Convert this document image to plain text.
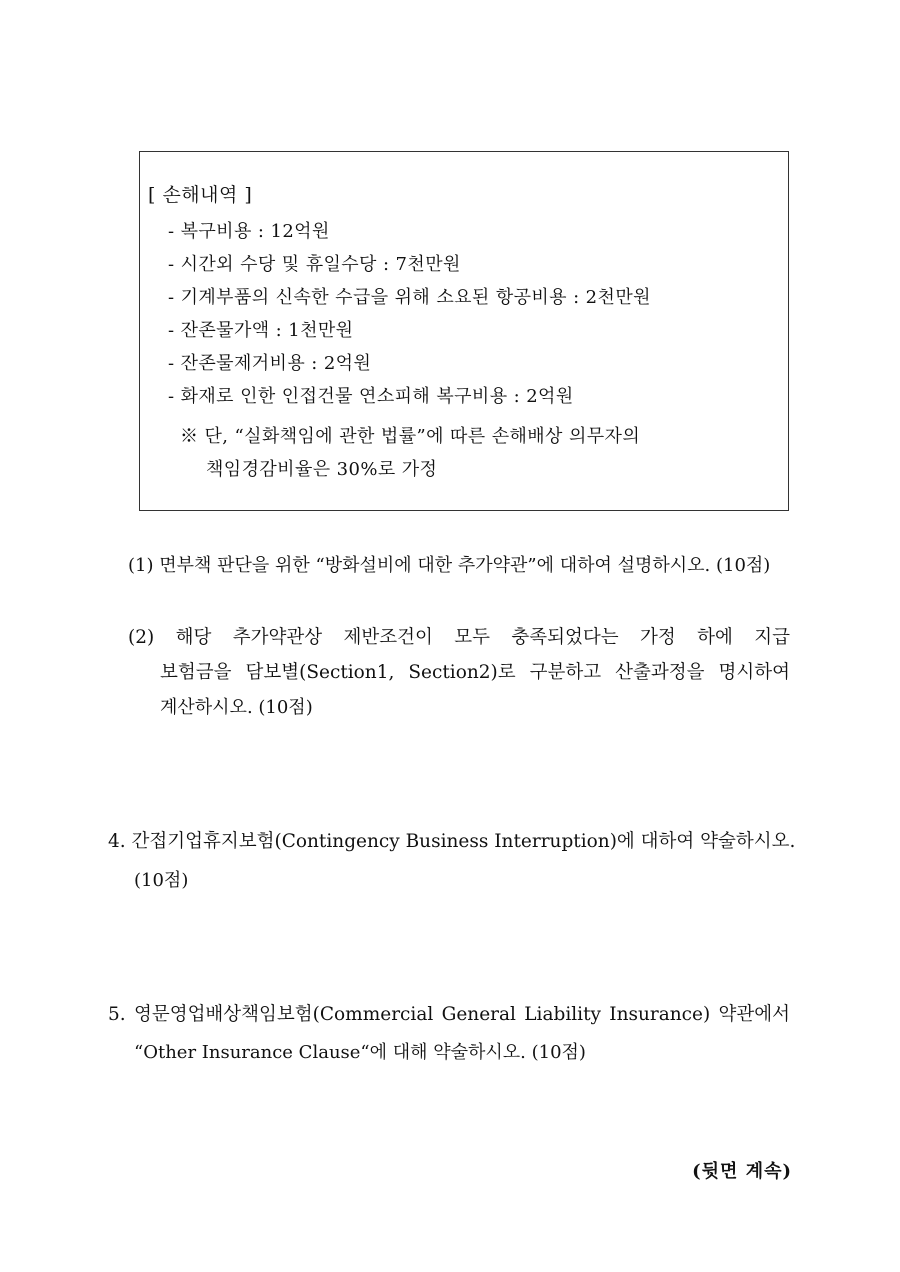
[ 손해내역 ]
- 복구비용 : 12억원
- 시간외 수당 및 휴일수당 : 7천만원
- 기계부품의 신속한 수급을 위해 소요된 항공비용 : 2천만원
- 잔존물가액 : 1천만원
- 잔존물제거비용 : 2억원
- 화재로 인한 인접건물 연소피해 복구비용 : 2억원
※ 단, “실화책임에 관한 법률”에 따른 손해배상 의무자의
책임경감비율은 30%로 가정
(1) 면부책 판단을 위한 “방화설비에 대한 추가약관”에 대하여 설명하시오. (10점)
(2) 해당 추가약관상 제반조건이 모두 충족되었다는 가정 하에 지급
보험금을 담보별(Section1, Section2)로 구분하고 산출과정을 명시하여
계산하시오. (10점)
4. 간접기업휴지보험(Contingency Business Interruption)에 대하여 약술하시오.
(10점)
5. 영문영업배상책임보험(Commercial General Liability Insurance) 약관에서
“Other Insurance Clause“에 대해 약술하시오. (10점)
(뒷면 계속)
